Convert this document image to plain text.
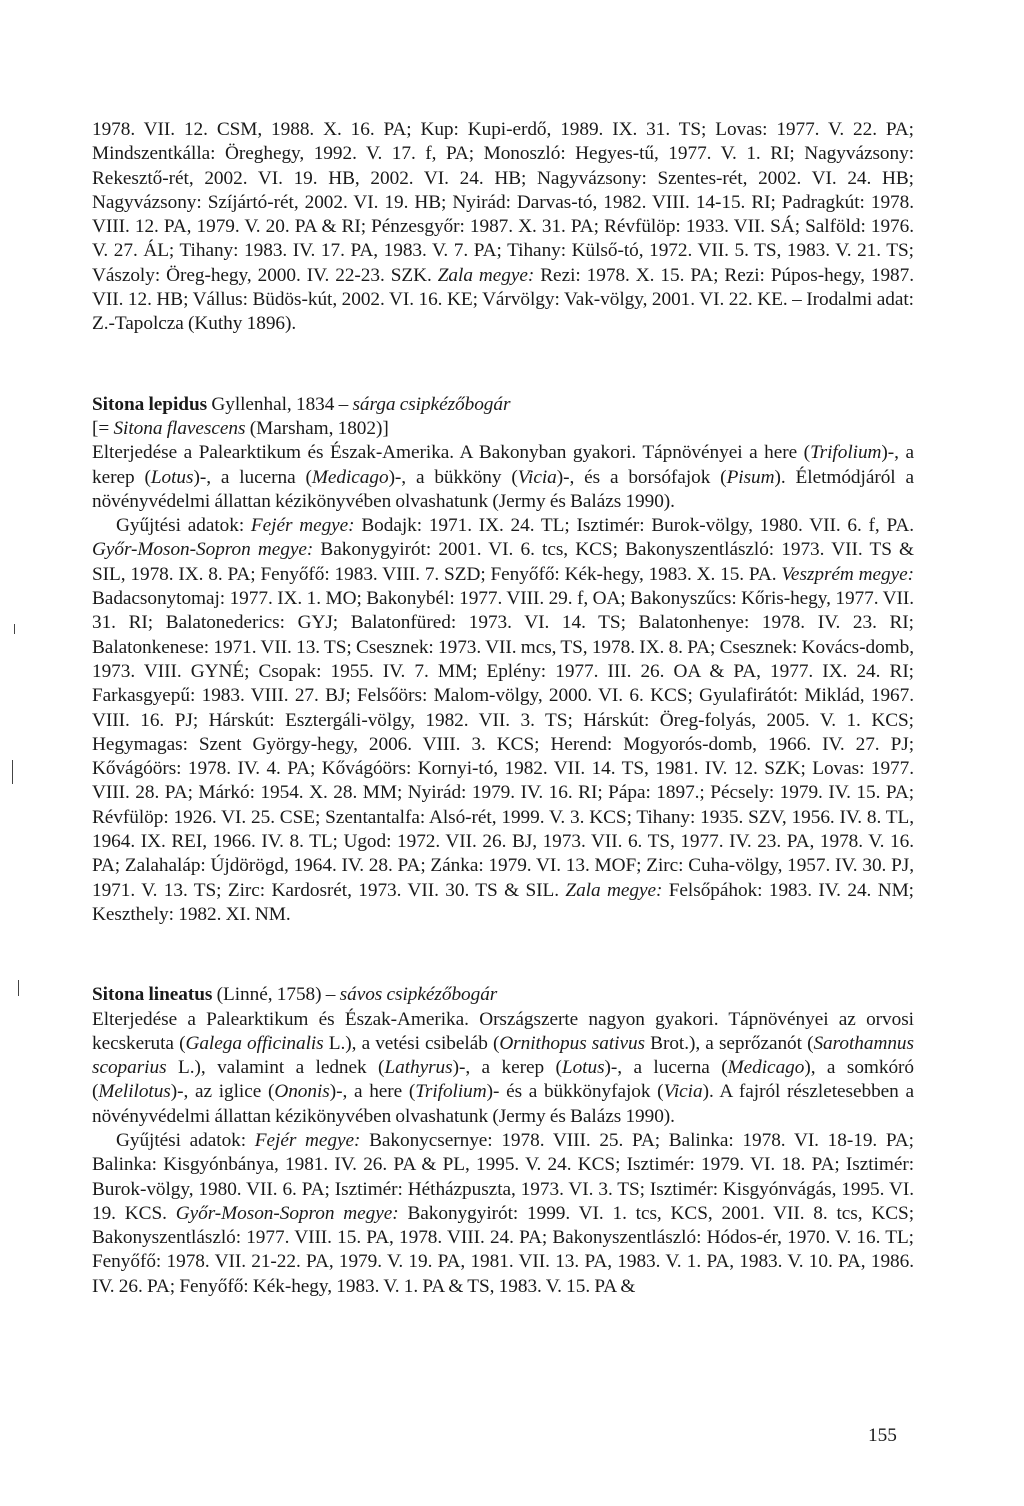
1978. VII. 12. CSM, 1988. X. 16. PA; Kup: Kupi-erdő, 1989. IX. 31. TS; Lovas: 1977. V. 22. PA; Mindszentkálla: Öreghegy, 1992. V. 17. f, PA; Monoszló: Hegyes-tű, 1977. V. 1. RI; Nagyvázsony: Rekesztő-rét, 2002. VI. 19. HB, 2002. VI. 24. HB; Nagyvázsony: Szentes-rét, 2002. VI. 24. HB; Nagyvázsony: Szíjártó-rét, 2002. VI. 19. HB; Nyirád: Darvas-tó, 1982. VIII. 14-15. RI; Padragkút: 1978. VIII. 12. PA, 1979. V. 20. PA & RI; Pénzesgyőr: 1987. X. 31. PA; Révfülöp: 1933. VII. SÁ; Salföld: 1976. V. 27. ÁL; Tihany: 1983. IV. 17. PA, 1983. V. 7. PA; Tihany: Külső-tó, 1972. VII. 5. TS, 1983. V. 21. TS; Vászoly: Öreg-hegy, 2000. IV. 22-23. SZK. Zala megye: Rezi: 1978. X. 15. PA; Rezi: Púpos-hegy, 1987. VII. 12. HB; Vállus: Büdös-kút, 2002. VI. 16. KE; Várvölgy: Vak-völgy, 2001. VI. 22. KE. – Irodalmi adat: Z.-Tapolcza (Kuthy 1896).

Sitona lepidus Gyllenhal, 1834 – sárga csipkézőbogár

[= Sitona flavescens (Marsham, 1802)]

Elterjedése a Palearktikum és Észak-Amerika. A Bakonyban gyakori. Tápnövényei a here (Trifolium)-, a kerep (Lotus)-, a lucerna (Medicago)-, a bükköny (Vicia)-, és a borsófajok (Pisum). Életmódjáról a növényvédelmi állattan kézikönyvében olvashatunk (Jermy és Balázs 1990).

Gyűjtési adatok: Fejér megye: Bodajk: 1971. IX. 24. TL; Isztimér: Burok-völgy, 1980. VII. 6. f, PA. Győr-Moson-Sopron megye: Bakonygyirót: 2001. VI. 6. tcs, KCS; Bakonyszentlászló: 1973. VII. TS & SIL, 1978. IX. 8. PA; Fenyőfő: 1983. VIII. 7. SZD; Fenyőfő: Kék-hegy, 1983. X. 15. PA. Veszprém megye: Badacsonytomaj: 1977. IX. 1. MO; Bakonybél: 1977. VIII. 29. f, OA; Bakonyszűcs: Kőris-hegy, 1977. VII. 31. RI; Balatonederics: GYJ; Balatonfüred: 1973. VI. 14. TS; Balatonhenye: 1978. IV. 23. RI; Balatonkenese: 1971. VII. 13. TS; Csesznek: 1973. VII. mcs, TS, 1978. IX. 8. PA; Csesznek: Kovács-domb, 1973. VIII. GYNÉ; Csopak: 1955. IV. 7. MM; Eplény: 1977. III. 26. OA & PA, 1977. IX. 24. RI; Farkasgyepű: 1983. VIII. 27. BJ; Felsőörs: Malom-völgy, 2000. VI. 6. KCS; Gyulafirátót: Miklád, 1967. VIII. 16. PJ; Hárskút: Esztergáli-völgy, 1982. VII. 3. TS; Hárskút: Öreg-folyás, 2005. V. 1. KCS; Hegymagas: Szent György-hegy, 2006. VIII. 3. KCS; Herend: Mogyorós-domb, 1966. IV. 27. PJ; Kővágóörs: 1978. IV. 4. PA; Kővágóörs: Kornyi-tó, 1982. VII. 14. TS, 1981. IV. 12. SZK; Lovas: 1977. VIII. 28. PA; Márkó: 1954. X. 28. MM; Nyirád: 1979. IV. 16. RI; Pápa: 1897.; Pécsely: 1979. IV. 15. PA; Révfülöp: 1926. VI. 25. CSE; Szentantalfa: Alsó-rét, 1999. V. 3. KCS; Tihany: 1935. SZV, 1956. IV. 8. TL, 1964. IX. REI, 1966. IV. 8. TL; Ugod: 1972. VII. 26. BJ, 1973. VII. 6. TS, 1977. IV. 23. PA, 1978. V. 16. PA; Zalahaláp: Újdörögd, 1964. IV. 28. PA; Zánka: 1979. VI. 13. MOF; Zirc: Cuha-völgy, 1957. IV. 30. PJ, 1971. V. 13. TS; Zirc: Kardosrét, 1973. VII. 30. TS & SIL. Zala megye: Felsőpáhok: 1983. IV. 24. NM; Keszthely: 1982. XI. NM.

Sitona lineatus (Linné, 1758) – sávos csipkézőbogár

Elterjedése a Palearktikum és Észak-Amerika. Országszerte nagyon gyakori. Tápnövényei az orvosi kecskeruta (Galega officinalis L.), a vetési csibeláb (Ornithopus sativus Brot.), a seprőzanót (Sarothamnus scoparius L.), valamint a lednek (Lathyrus)-, a kerep (Lotus)-, a lucerna (Medicago), a somkóró (Melilotus)-, az iglice (Ononis)-, a here (Trifolium)- és a bükkönyfajok (Vicia). A fajról részletesebben a növényvédelmi állattan kézikönyvében olvashatunk (Jermy és Balázs 1990).

Gyűjtési adatok: Fejér megye: Bakonycsernye: 1978. VIII. 25. PA; Balinka: 1978. VI. 18-19. PA; Balinka: Kisgyónbánya, 1981. IV. 26. PA & PL, 1995. V. 24. KCS; Isztimér: 1979. VI. 18. PA; Isztimér: Burok-völgy, 1980. VII. 6. PA; Isztimér: Hétházpuszta, 1973. VI. 3. TS; Isztimér: Kisgyónvágás, 1995. VI. 19. KCS. Győr-Moson-Sopron megye: Bakonygyirót: 1999. VI. 1. tcs, KCS, 2001. VII. 8. tcs, KCS; Bakonyszentlászló: 1977. VIII. 15. PA, 1978. VIII. 24. PA; Bakonyszentlászló: Hódos-ér, 1970. V. 16. TL; Fenyőfő: 1978. VII. 21-22. PA, 1979. V. 19. PA, 1981. VII. 13. PA, 1983. V. 1. PA, 1983. V. 10. PA, 1986. IV. 26. PA; Fenyőfő: Kék-hegy, 1983. V. 1. PA & TS, 1983. V. 15. PA &

155
